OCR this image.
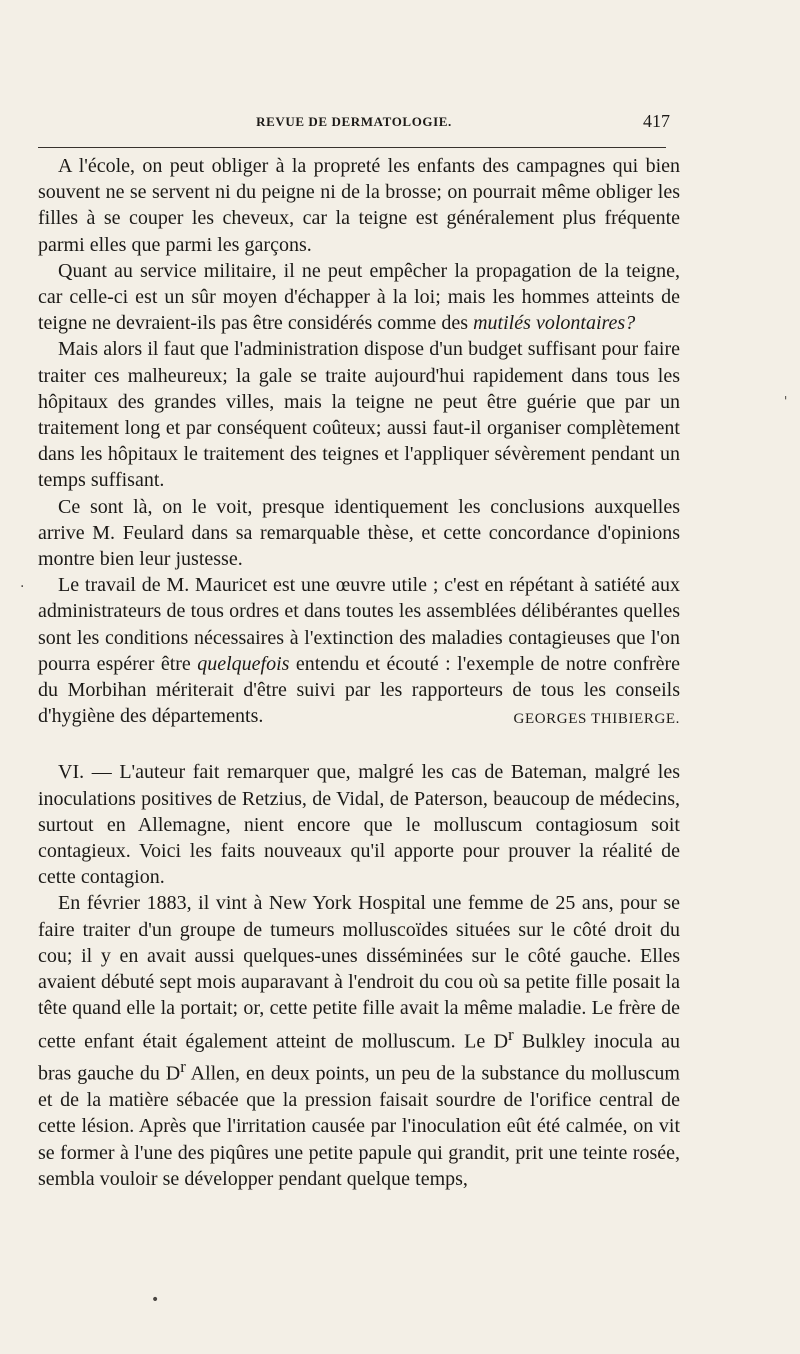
REVUE DE DERMATOLOGIE.	417

A l'école, on peut obliger à la propreté les enfants des campagnes qui bien souvent ne se servent ni du peigne ni de la brosse; on pourrait même obliger les filles à se couper les cheveux, car la teigne est généralement plus fréquente parmi elles que parmi les garçons.

Quant au service militaire, il ne peut empêcher la propagation de la teigne, car celle-ci est un sûr moyen d'échapper à la loi; mais les hommes atteints de teigne ne devraient-ils pas être considérés comme des mutilés volontaires?

Mais alors il faut que l'administration dispose d'un budget suffisant pour faire traiter ces malheureux; la gale se traite aujourd'hui rapidement dans tous les hôpitaux des grandes villes, mais la teigne ne peut être guérie que par un traitement long et par conséquent coûteux; aussi faut-il organiser complètement dans les hôpitaux le traitement des teignes et l'appliquer sévèrement pendant un temps suffisant.

Ce sont là, on le voit, presque identiquement les conclusions auxquelles arrive M. Feulard dans sa remarquable thèse, et cette concordance d'opinions montre bien leur justesse.

Le travail de M. Mauricet est une œuvre utile ; c'est en répétant à satiété aux administrateurs de tous ordres et dans toutes les assemblées délibérantes quelles sont les conditions nécessaires à l'extinction des maladies contagieuses que l'on pourra espérer être quelquefois entendu et écouté : l'exemple de notre confrère du Morbihan mériterait d'être suivi par les rapporteurs de tous les conseils d'hygiène des départements.	GEORGES THIBIERGE.

VI. — L'auteur fait remarquer que, malgré les cas de Bateman, malgré les inoculations positives de Retzius, de Vidal, de Paterson, beaucoup de médecins, surtout en Allemagne, nient encore que le molluscum contagiosum soit contagieux. Voici les faits nouveaux qu'il apporte pour prouver la réalité de cette contagion.

En février 1883, il vint à New York Hospital une femme de 25 ans, pour se faire traiter d'un groupe de tumeurs molluscoïdes situées sur le côté droit du cou; il y en avait aussi quelques-unes disséminées sur le côté gauche. Elles avaient débuté sept mois auparavant à l'endroit du cou où sa petite fille posait la tête quand elle la portait; or, cette petite fille avait la même maladie. Le frère de cette enfant était également atteint de molluscum. Le $D^r$ Bulkley inocula au bras gauche du $D^r$ Allen, en deux points, un peu de la substance du molluscum et de la matière sébacée que la pression faisait sourdre de l'orifice central de cette lésion. Après que l'irritation causée par l'inoculation eût été calmée, on vit se former à l'une des piqûres une petite papule qui grandit, prit une teinte rosée, sembla vouloir se développer pendant quelque temps,

'
.
•
